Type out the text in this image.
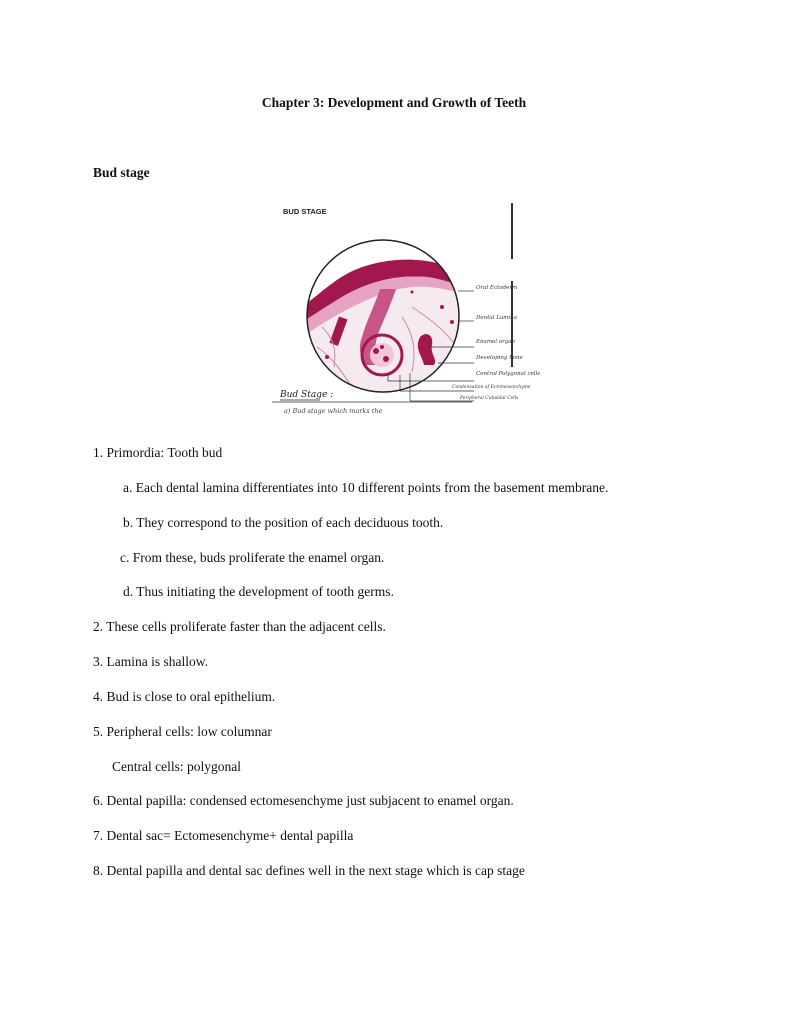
Chapter 3: Development and Growth of Teeth
Bud stage
BUD STAGE
Oral Ectoderm
Dental Lamina
Enamel organ
Developing bone
Central Polygonal cells
Condensation of Ectomesenchyme
Peripheral Cuboidal Cells
Bud Stage :
a) Bud stage which marks the
1. Primordia: Tooth bud
a. Each dental lamina differentiates into 10 different points from the basement membrane.
b. They correspond to the position of each deciduous tooth.
c. From these, buds proliferate the enamel organ.
d. Thus initiating the development of tooth germs.
2. These cells proliferate faster than the adjacent cells.
3. Lamina is shallow.
4. Bud is close to oral epithelium.
5. Peripheral cells: low columnar
Central cells: polygonal
6. Dental papilla: condensed ectomesenchyme just subjacent to enamel organ.
7. Dental sac= Ectomesenchyme+ dental papilla
8. Dental papilla and dental sac defines well in the next stage which is cap stage
